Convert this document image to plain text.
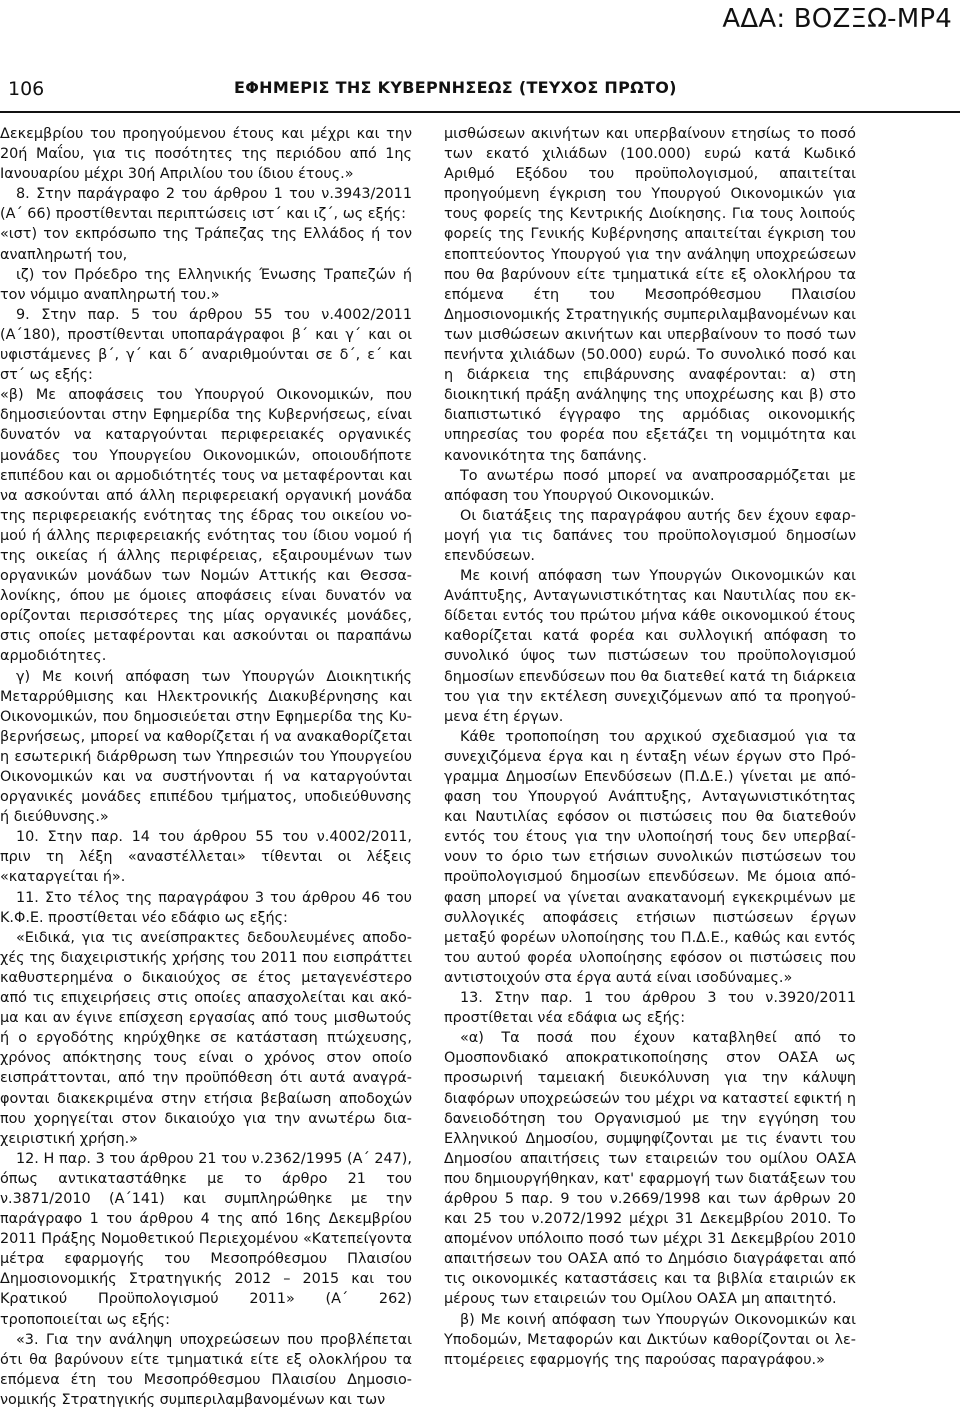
ΑΔΑ: ΒΟΖΞΩ-ΜΡ4
106	ΕΦΗΜΕΡΙΣ ΤΗΣ ΚΥΒΕΡΝΗΣΕΩΣ (ΤΕΥΧΟΣ ΠΡΩΤΟ)

Δεκεμβρίου του προηγούμενου έτους και μέχρι και την 20ή Μαΐου, για τις ποσότητες της περιόδου από 1ης Ιανουαρίου μέχρι 30ή Απριλίου του ίδιου έτους.»

8. Στην παράγραφο 2 του άρθρου 1 του ν.3943/2011 (Α΄ 66) προστίθενται περιπτώσεις ιστ΄ και ιζ΄, ως εξής:

«ιστ) τον εκπρόσωπο της Τράπεζας της Ελλάδος ή τον αναπληρωτή του,

ιζ) τον Πρόεδρο της Ελληνικής Ένωσης Τραπεζών ή τον νόμιμο αναπληρωτή του.»

9. Στην παρ. 5 του άρθρου 55 του ν.4002/2011 (Α΄180), προστίθενται υποπαράγραφοι β΄ και γ΄ και οι υφιστάμενες β΄, γ΄ και δ΄ αναριθμούνται σε δ΄, ε΄ και στ΄ ως εξής:

«β) Με αποφάσεις του Υπουργού Οικονομικών, που δημοσιεύονται στην Εφημερίδα της Κυβερνήσεως, είναι δυνατόν να καταργούνται περιφερειακές οργανικές μονάδες του Υπουργείου Οικονομικών, οποιουδήποτε επιπέδου και οι αρμοδιότητές τους να μεταφέρονται και να ασκούνται από άλλη περιφερειακή οργανική μονάδα της περιφερειακής ενότητας της έδρας του οικείου νομού ή άλλης περιφερειακής ενότητας του ίδιου νομού ή της οικείας ή άλλης περιφέρειας, εξαιρουμένων των οργανικών μονάδων των Νομών Αττικής και Θεσσαλονίκης, όπου με όμοιες αποφάσεις είναι δυνατόν να ορίζονται περισσότερες της μίας οργανικές μονάδες, στις οποίες μεταφέρονται και ασκούνται οι παραπάνω αρμοδιότητες.

γ) Με κοινή απόφαση των Υπουργών Διοικητικής Μεταρρύθμισης και Ηλεκτρονικής Διακυβέρνησης και Οικονομικών, που δημοσιεύεται στην Εφημερίδα της Κυβερνήσεως, μπορεί να καθορίζεται ή να ανακαθορίζεται η εσωτερική διάρθρωση των Υπηρεσιών του Υπουργείου Οικονομικών και να συστήνονται ή να καταργούνται οργανικές μονάδες επιπέδου τμήματος, υποδιεύθυνσης ή διεύθυνσης.»

10. Στην παρ. 14 του άρθρου 55 του ν.4002/2011, πριν τη λέξη «αναστέλλεται» τίθενται οι λέξεις «καταργείται ή».

11. Στο τέλος της παραγράφου 3 του άρθρου 46 του Κ.Φ.Ε. προστίθεται νέο εδάφιο ως εξής:

«Ειδικά, για τις ανείσπρακτες δεδουλευμένες αποδοχές της διαχειριστικής χρήσης του 2011 που εισπράττει καθυστερημένα ο δικαιούχος σε έτος μεταγενέστερο από τις επιχειρήσεις στις οποίες απασχολείται και ακόμα και αν έγινε επίσχεση εργασίας από τους μισθωτούς ή ο εργοδότης κηρύχθηκε σε κατάσταση πτώχευσης, χρόνος απόκτησης τους είναι ο χρόνος στον οποίο εισπράττονται, από την προϋπόθεση ότι αυτά αναγράφονται διακεκριμένα στην ετήσια βεβαίωση αποδοχών που χορηγείται στον δικαιούχο για την ανωτέρω διαχειριστική χρήση.»

12. Η παρ. 3 του άρθρου 21 του ν.2362/1995 (Α΄ 247), όπως αντικαταστάθηκε με το άρθρο 21 του ν.3871/2010 (Α΄141) και συμπληρώθηκε με την παράγραφο 1 του άρθρου 4 της από 16ης Δεκεμβρίου 2011 Πράξης Νομοθετικού Περιεχομένου «Κατεπείγοντα μέτρα εφαρμογής του Μεσοπρόθεσμου Πλαισίου Δημοσιονομικής Στρατηγικής 2012 – 2015 και του Κρατικού Προϋπολογισμού 2011» (Α΄ 262) τροποποιείται ως εξής:

«3. Για την ανάληψη υποχρεώσεων που προβλέπεται ότι θα βαρύνουν είτε τμηματικά είτε εξ ολοκλήρου τα επόμενα έτη του Μεσοπρόθεσμου Πλαισίου Δημοσιονομικής Στρατηγικής συμπεριλαμβανομένων και των

μισθώσεων ακινήτων και υπερβαίνουν ετησίως το ποσό των εκατό χιλιάδων (100.000) ευρώ κατά Κωδικό Αριθμό Εξόδου του προϋπολογισμού, απαιτείται προηγούμενη έγκριση του Υπουργού Οικονομικών για τους φορείς της Κεντρικής Διοίκησης. Για τους λοιπούς φορείς της Γενικής Κυβέρνησης απαιτείται έγκριση του εποπτεύοντος Υπουργού για την ανάληψη υποχρεώσεων που θα βαρύνουν είτε τμηματικά είτε εξ ολοκλήρου τα επόμενα έτη του Μεσοπρόθεσμου Πλαισίου Δημοσιονομικής Στρατηγικής συμπεριλαμβανομένων και των μισθώσεων ακινήτων και υπερβαίνουν το ποσό των πενήντα χιλιάδων (50.000) ευρώ. Το συνολικό ποσό και η διάρκεια της επιβάρυνσης αναφέρονται: α) στη διοικητική πράξη ανάληψης της υποχρέωσης και β) στο διαπιστωτικό έγγραφο της αρμόδιας οικονομικής υπηρεσίας του φορέα που εξετάζει τη νομιμότητα και κανονικότητα της δαπάνης.

Το ανωτέρω ποσό μπορεί να αναπροσαρμόζεται με απόφαση του Υπουργού Οικονομικών.

Οι διατάξεις της παραγράφου αυτής δεν έχουν εφαρμογή για τις δαπάνες του προϋπολογισμού δημοσίων επενδύσεων.

Με κοινή απόφαση των Υπουργών Οικονομικών και Ανάπτυξης, Ανταγωνιστικότητας και Ναυτιλίας που εκδίδεται εντός του πρώτου μήνα κάθε οικονομικού έτους καθορίζεται κατά φορέα και συλλογική απόφαση το συνολικό ύψος των πιστώσεων του προϋπολογισμού δημοσίων επενδύσεων που θα διατεθεί κατά τη διάρκεια του για την εκτέλεση συνεχιζόμενων από τα προηγούμενα έτη έργων.

Κάθε τροποποίηση του αρχικού σχεδιασμού για τα συνεχιζόμενα έργα και η ένταξη νέων έργων στο Πρόγραμμα Δημοσίων Επενδύσεων (Π.Δ.Ε.) γίνεται με απόφαση του Υπουργού Ανάπτυξης, Ανταγωνιστικότητας και Ναυτιλίας εφόσον οι πιστώσεις που θα διατεθούν εντός του έτους για την υλοποίησή τους δεν υπερβαίνουν το όριο των ετήσιων συνολικών πιστώσεων του προϋπολογισμού δημοσίων επενδύσεων. Με όμοια απόφαση μπορεί να γίνεται ανακατανομή εγκεκριμένων με συλλογικές αποφάσεις ετήσιων πιστώσεων έργων μεταξύ φορέων υλοποίησης του Π.Δ.Ε., καθώς και εντός του αυτού φορέα υλοποίησης εφόσον οι πιστώσεις που αντιστοιχούν στα έργα αυτά είναι ισοδύναμες.»

13. Στην παρ. 1 του άρθρου 3 του ν.3920/2011 προστίθεται νέα εδάφια ως εξής:

«α) Τα ποσά που έχουν καταβληθεί από το Ομοσπονδιακό αποκρατικοποίησης στον ΟΑΣΑ ως προσωρινή ταμειακή διευκόλυνση για την κάλυψη διαφόρων υποχρεώσεών του μέχρι να καταστεί εφικτή η δανειοδότηση του Οργανισμού με την εγγύηση του Ελληνικού Δημοσίου, συμψηφίζονται με τις έναντι του Δημοσίου απαιτήσεις των εταιρειών του ομίλου ΟΑΣΑ που δημιουργήθηκαν, κατ' εφαρμογή των διατάξεων του άρθρου 5 παρ. 9 του ν.2669/1998 και των άρθρων 20 και 25 του ν.2072/1992 μέχρι 31 Δεκεμβρίου 2010. Το απομένον υπόλοιπο ποσό των μέχρι 31 Δεκεμβρίου 2010 απαιτήσεων του ΟΑΣΑ από το Δημόσιο διαγράφεται από τις οικονομικές καταστάσεις και τα βιβλία εταιριών εκ μέρους των εταιρειών του Ομίλου ΟΑΣΑ μη απαιτητό.

β) Με κοινή απόφαση των Υπουργών Οικονομικών και Υποδομών, Μεταφορών και Δικτύων καθορίζονται οι λεπτομέρειες εφαρμογής της παρούσας παραγράφου.»
